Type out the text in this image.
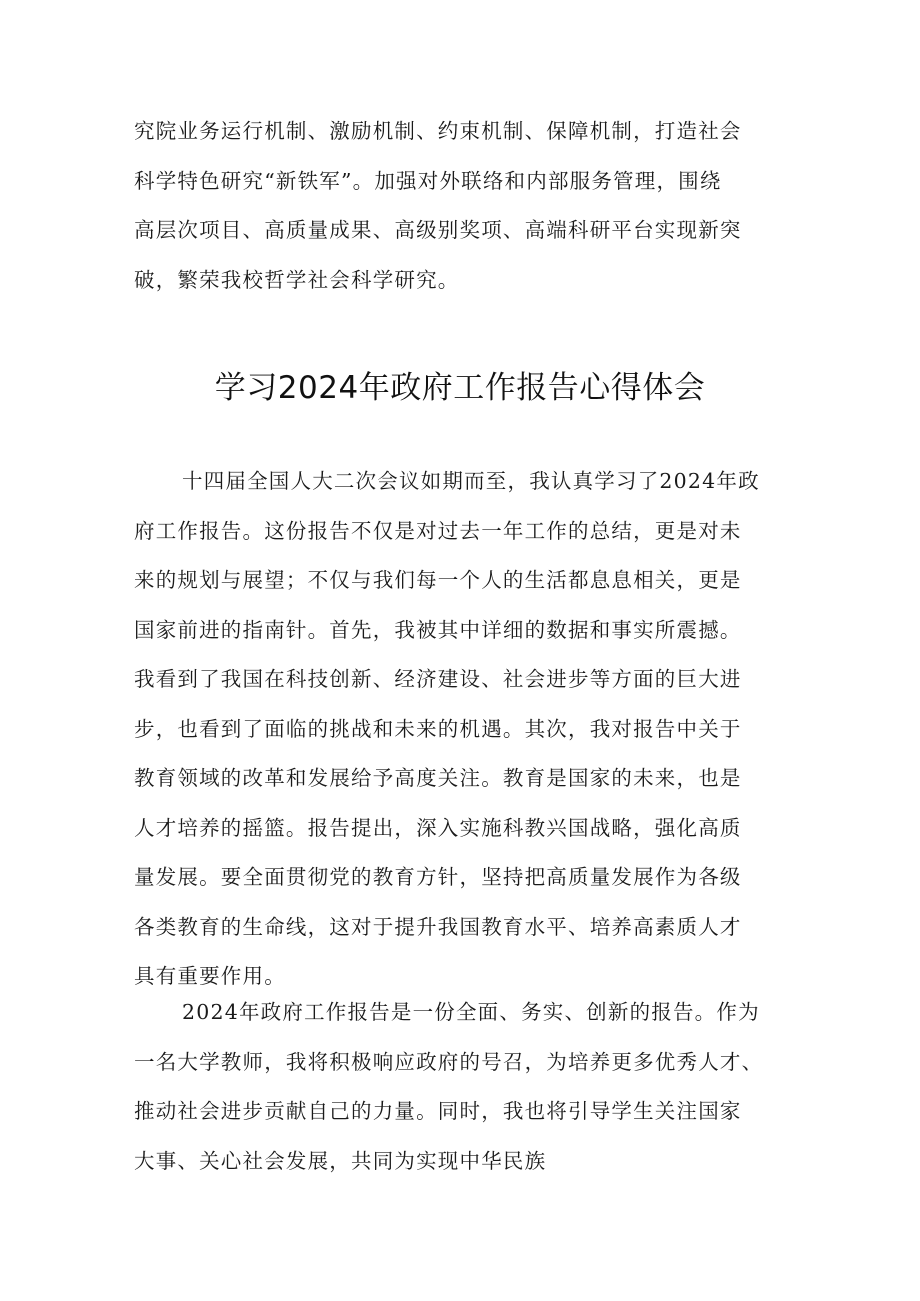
究院业务运行机制、激励机制、约束机制、保障机制，打造社会
科学特色研究“新铁军”。加强对外联络和内部服务管理，围绕
高层次项目、高质量成果、高级别奖项、高端科研平台实现新突
破，繁荣我校哲学社会科学研究。
学习2024年政府工作报告心得体会
十四届全国人大二次会议如期而至，我认真学习了2024年政
府工作报告。这份报告不仅是对过去一年工作的总结，更是对未
来的规划与展望；不仅与我们每一个人的生活都息息相关，更是
国家前进的指南针。首先，我被其中详细的数据和事实所震撼。
我看到了我国在科技创新、经济建设、社会进步等方面的巨大进
步，也看到了面临的挑战和未来的机遇。其次，我对报告中关于
教育领域的改革和发展给予高度关注。教育是国家的未来，也是
人才培养的摇篮。报告提出，深入实施科教兴国战略，强化高质
量发展。要全面贯彻党的教育方针，坚持把高质量发展作为各级
各类教育的生命线，这对于提升我国教育水平、培养高素质人才
具有重要作用。
2024年政府工作报告是一份全面、务实、创新的报告。作为
一名大学教师，我将积极响应政府的号召，为培养更多优秀人才、
推动社会进步贡献自己的力量。同时，我也将引导学生关注国家
大事、关心社会发展，共同为实现中华民族
